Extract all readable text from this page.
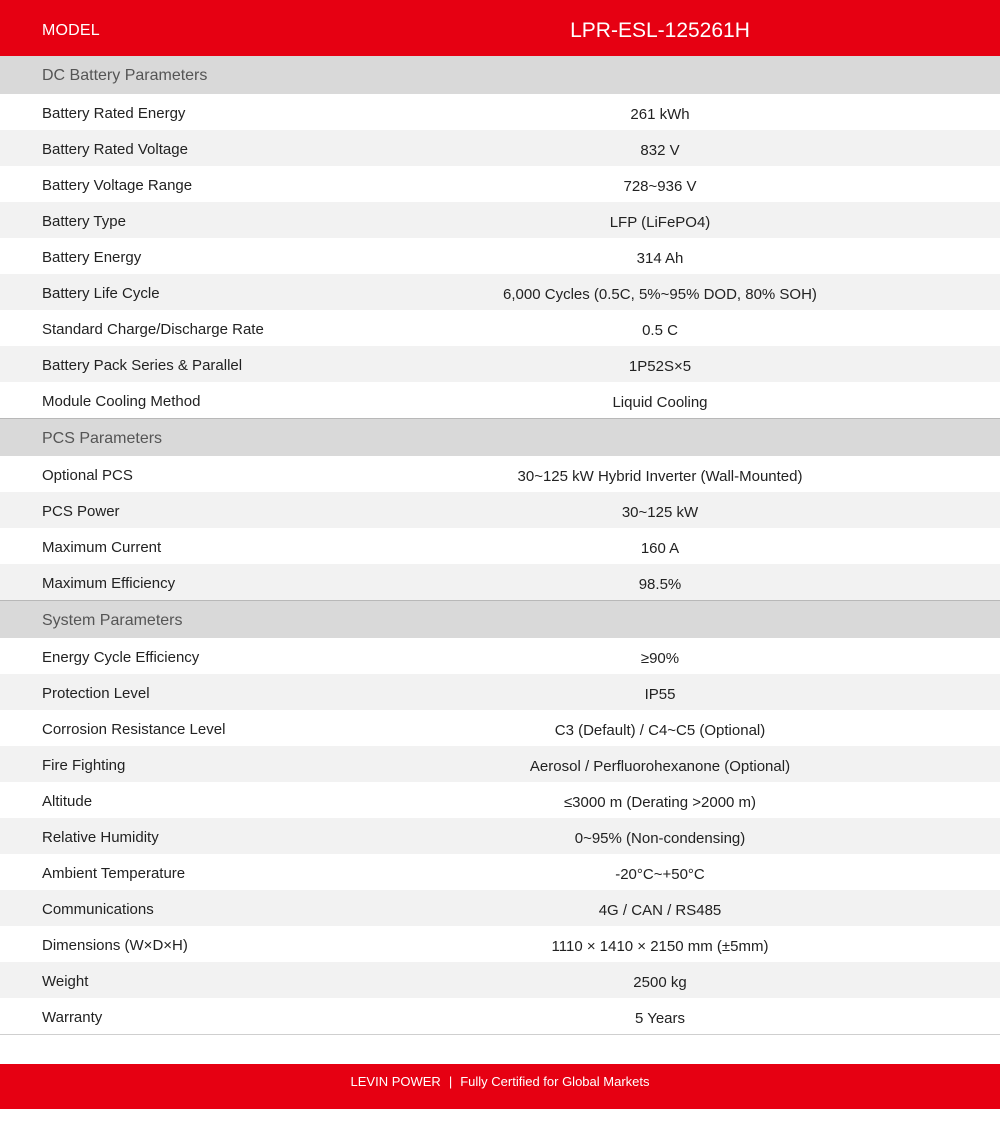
MODEL	LPR-ESL-125261H
DC Battery Parameters
Battery Rated Energy	261 kWh
Battery Rated Voltage	832 V
Battery Voltage Range	728~936 V
Battery Type	LFP (LiFePO4)
Battery Energy	314 Ah
Battery Life Cycle	6,000 Cycles (0.5C, 5%~95% DOD, 80% SOH)
Standard Charge/Discharge Rate	0.5 C
Battery Pack Series & Parallel	1P52S×5
Module Cooling Method	Liquid Cooling
PCS Parameters
Optional PCS	30~125 kW Hybrid Inverter (Wall-Mounted)
PCS Power	30~125 kW
Maximum Current	160 A
Maximum Efficiency	98.5%
System Parameters
Energy Cycle Efficiency	≥90%
Protection Level	IP55
Corrosion Resistance Level	C3 (Default) / C4~C5 (Optional)
Fire Fighting	Aerosol / Perfluorohexanone (Optional)
Altitude	≤3000 m (Derating >2000 m)
Relative Humidity	0~95% (Non-condensing)
Ambient Temperature	-20°C~+50°C
Communications	4G / CAN / RS485
Dimensions (W×D×H)	1110 × 1410 × 2150 mm (±5mm)
Weight	2500 kg
Warranty	5 Years
LEVIN POWER | Fully Certified for Global Markets
